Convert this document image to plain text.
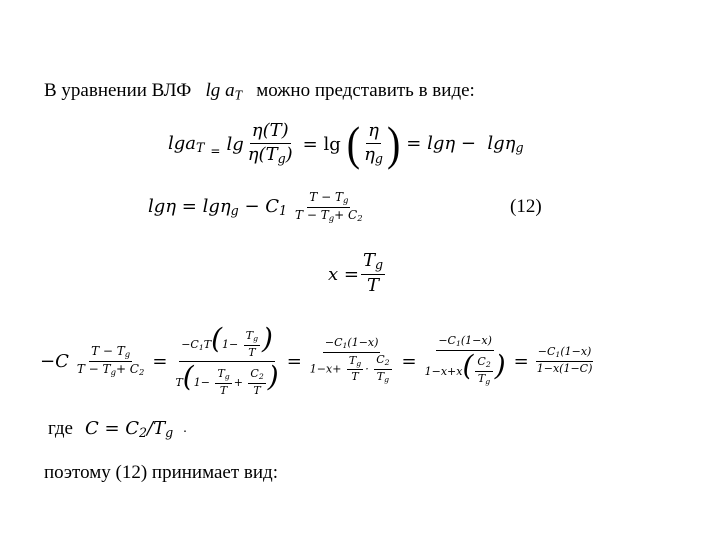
В уравнении ВЛФ $\lg a_T$ можно представить в виде:
$\lg a_T = \lg \frac{\eta(T)}{\eta(T_g)} = \lg$ ( $\frac{\eta}{\eta_g}$ ) = lgη −  lgη$_g$
$\lg\eta = \lg\eta_g - C_1 \frac{T - T_g}{T - T_g+ C_2}$	(12)
$x = \frac{T_g}{T}$
$-C \frac{T - T_g}{T - T_g+ C_2} = \frac{-C_1T(1- \frac{T_g}{T} )}{T(1- \frac{T_g}{T} + \frac{C_2}{T} )} = \frac{-C_1(1-x)}{1-x+ \frac{T_g}{T} \cdot \frac{C_2}{T_g}} = \frac{-C_1(1-x)}{1-x+x( \frac{C_2}{T_g} )} = \frac{-C_1(1-x)}{1-x(1-C)}$
где $C = C_2/T_g$ .
поэтому (12) принимает вид:
